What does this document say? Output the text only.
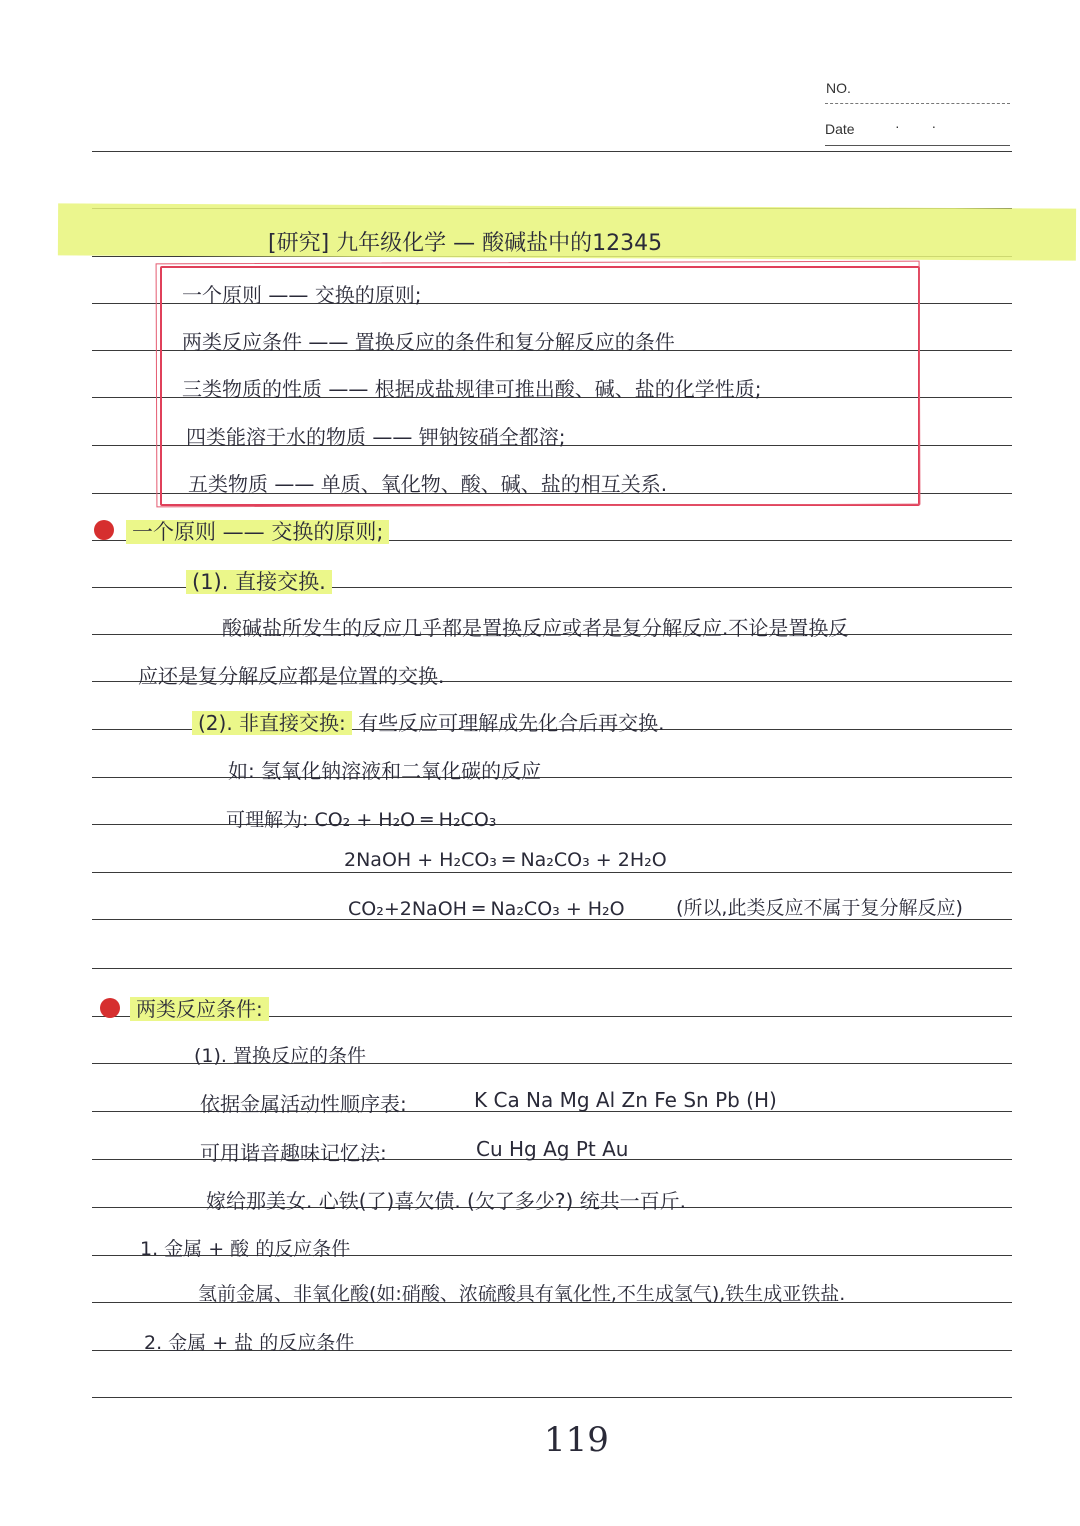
NO.
Date	· ·
[研究] 九年级化学 — 酸碱盐中的12345
一个原则 —— 交换的原则;
两类反应条件 —— 置换反应的条件和复分解反应的条件
三类物质的性质 —— 根据成盐规律可推出酸、碱、盐的化学性质;
四类能溶于水的物质 —— 钾钠铵硝全都溶;
五类物质 —— 单质、氧化物、酸、碱、盐的相互关系.
一个原则 —— 交换的原则;
(1). 直接交换.
酸碱盐所发生的反应几乎都是置换反应或者是复分解反应.不论是置换反
应还是复分解反应都是位置的交换.
(2). 非直接交换: 有些反应可理解成先化合后再交换.
如: 氢氧化钠溶液和二氧化碳的反应
可理解为: CO₂ + H₂O ═ H₂CO₃
2NaOH + H₂CO₃ ═ Na₂CO₃ + 2H₂O
CO₂+2NaOH ═ Na₂CO₃ + H₂O	(所以,此类反应不属于复分解反应)
两类反应条件:
(1). 置换反应的条件
依据金属活动性顺序表:	K Ca Na Mg Al Zn Fe Sn Pb (H)
可用谐音趣味记忆法:	Cu Hg Ag Pt Au
嫁给那美女. 心铁(了)喜欠债. (欠了多少?) 统共一百斤.
1. 金属 + 酸 的反应条件
氢前金属、非氧化酸(如:硝酸、浓硫酸具有氧化性,不生成氢气),铁生成亚铁盐.
2. 金属 + 盐 的反应条件
119
